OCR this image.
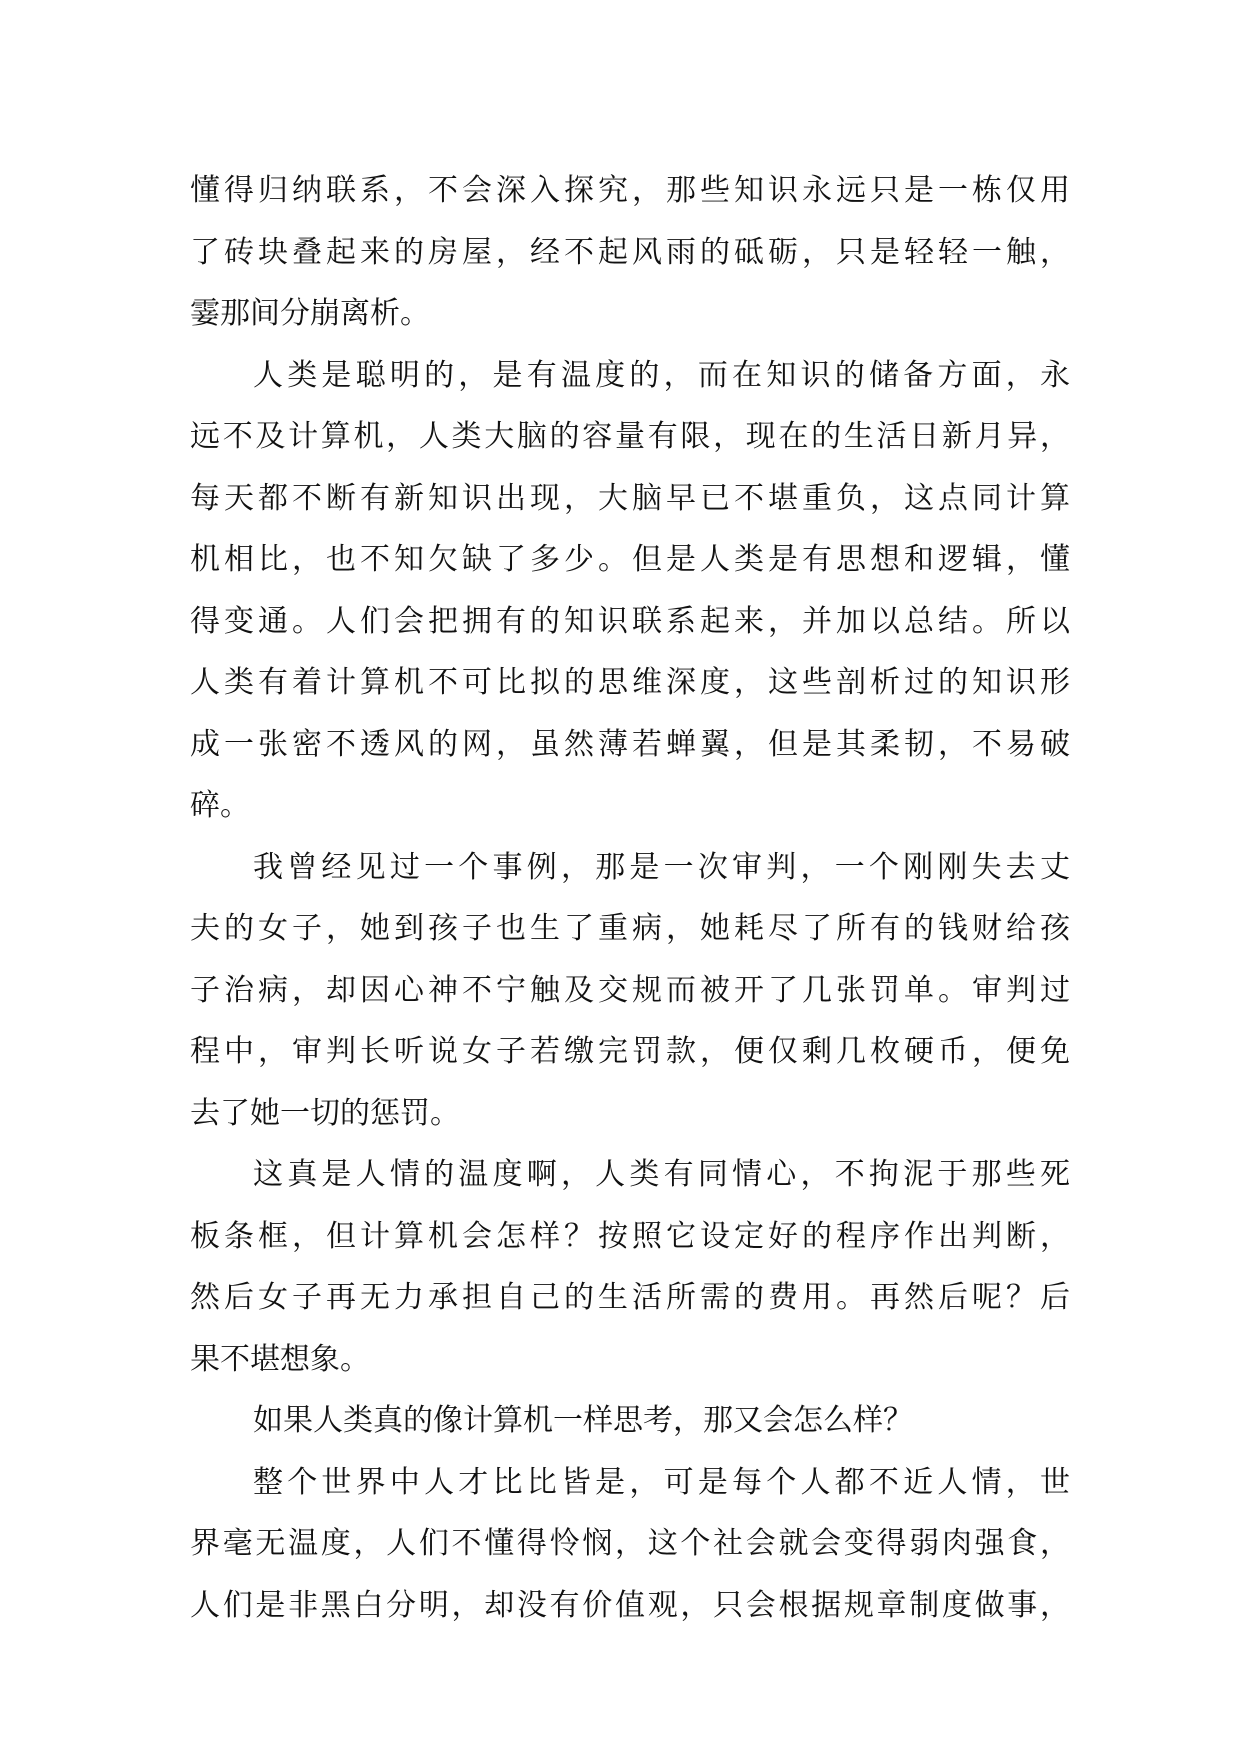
懂得归纳联系，不会深入探究，那些知识永远只是一栋仅用
了砖块叠起来的房屋，经不起风雨的砥砺，只是轻轻一触，
霎那间分崩离析。
人类是聪明的，是有温度的，而在知识的储备方面，永
远不及计算机，人类大脑的容量有限，现在的生活日新月异，
每天都不断有新知识出现，大脑早已不堪重负，这点同计算
机相比，也不知欠缺了多少。但是人类是有思想和逻辑，懂
得变通。人们会把拥有的知识联系起来，并加以总结。所以
人类有着计算机不可比拟的思维深度，这些剖析过的知识形
成一张密不透风的网，虽然薄若蝉翼，但是其柔韧，不易破
碎。
我曾经见过一个事例，那是一次审判，一个刚刚失去丈
夫的女子，她到孩子也生了重病，她耗尽了所有的钱财给孩
子治病，却因心神不宁触及交规而被开了几张罚单。审判过
程中，审判长听说女子若缴完罚款，便仅剩几枚硬币，便免
去了她一切的惩罚。
这真是人情的温度啊，人类有同情心，不拘泥于那些死
板条框，但计算机会怎样？按照它设定好的程序作出判断，
然后女子再无力承担自己的生活所需的费用。再然后呢？后
果不堪想象。
如果人类真的像计算机一样思考，那又会怎么样？
整个世界中人才比比皆是，可是每个人都不近人情，世
界毫无温度，人们不懂得怜悯，这个社会就会变得弱肉强食，
人们是非黑白分明，却没有价值观，只会根据规章制度做事，
